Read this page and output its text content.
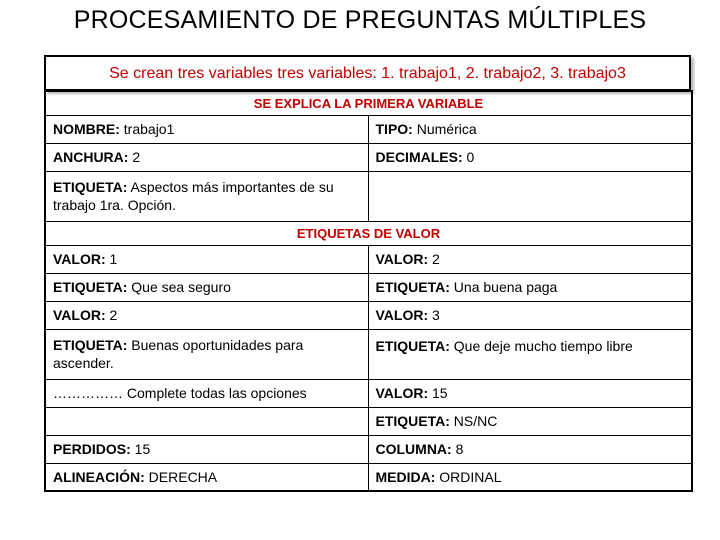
PROCESAMIENTO DE PREGUNTAS MÚLTIPLES
Se crean tres variables tres variables: 1. trabajo1, 2. trabajo2, 3. trabajo3
SE EXPLICA LA PRIMERA VARIABLE	
NOMBRE: trabajo1	TIPO: Numérica
ANCHURA: 2	DECIMALES: 0
ETIQUETA: Aspectos más importantes de su trabajo 1ra. Opción.	
ETIQUETAS DE VALOR	
VALOR: 1	VALOR: 2
ETIQUETA: Que sea seguro	ETIQUETA: Una buena paga
VALOR: 2	VALOR: 3
ETIQUETA: Buenas oportunidades para ascender.	ETIQUETA: Que deje mucho tiempo libre
…………… Complete todas las opciones	VALOR: 15
	ETIQUETA: NS/NC
PERDIDOS: 15	COLUMNA: 8
ALINEACIÓN: DERECHA	MEDIDA: ORDINAL
